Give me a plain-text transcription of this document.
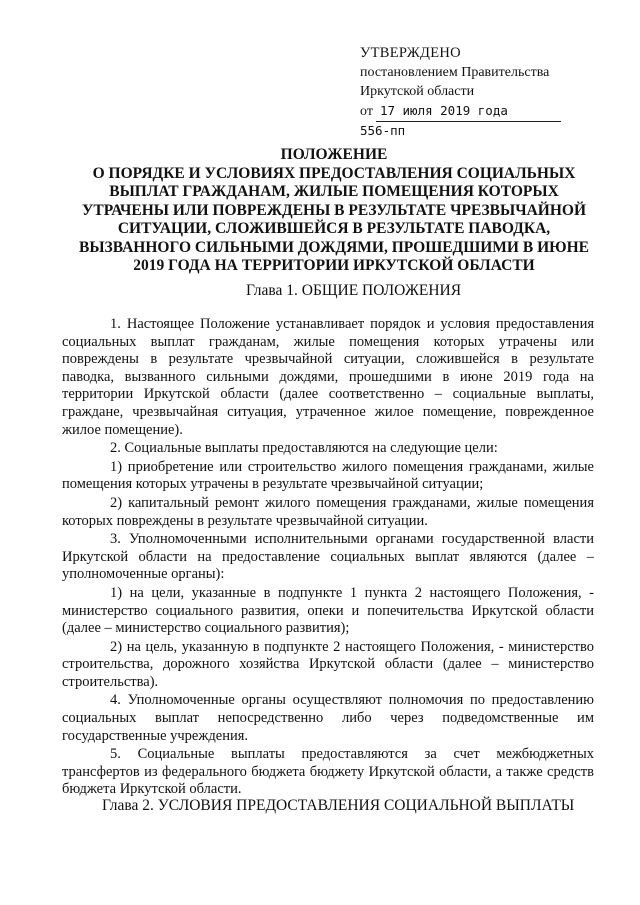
УТВЕРЖДЕНО
постановлением Правительства
Иркутской области
от 17 июля 2019 года
556-пп
ПОЛОЖЕНИЕ
О ПОРЯДКЕ И УСЛОВИЯХ ПРЕДОСТАВЛЕНИЯ СОЦИАЛЬНЫХ
ВЫПЛАТ ГРАЖДАНАМ, ЖИЛЫЕ ПОМЕЩЕНИЯ КОТОРЫХ
УТРАЧЕНЫ ИЛИ ПОВРЕЖДЕНЫ В РЕЗУЛЬТАТЕ ЧРЕЗВЫЧАЙНОЙ
СИТУАЦИИ, СЛОЖИВШЕЙСЯ В РЕЗУЛЬТАТЕ ПАВОДКА,
ВЫЗВАННОГО СИЛЬНЫМИ ДОЖДЯМИ, ПРОШЕДШИМИ В ИЮНЕ
2019 ГОДА НА ТЕРРИТОРИИ ИРКУТСКОЙ ОБЛАСТИ
Глава 1. ОБЩИЕ ПОЛОЖЕНИЯ

1. Настоящее Положение устанавливает порядок и условия предоставления социальных выплат гражданам, жилые помещения которых утрачены или повреждены в результате чрезвычайной ситуации, сложившейся в результате паводка, вызванного сильными дождями, прошедшими в июне 2019 года на территории Иркутской области (далее соответственно – социальные выплаты, граждане, чрезвычайная ситуация, утраченное жилое помещение, поврежденное жилое помещение).

2. Социальные выплаты предоставляются на следующие цели:

1) приобретение или строительство жилого помещения гражданами, жилые помещения которых утрачены в результате чрезвычайной ситуации;

2) капитальный ремонт жилого помещения гражданами, жилые помещения которых повреждены в результате чрезвычайной ситуации.

3. Уполномоченными исполнительными органами государственной власти Иркутской области на предоставление социальных выплат являются (далее – уполномоченные органы):

1) на цели, указанные в подпункте 1 пункта 2 настоящего Положения, - министерство социального развития, опеки и попечительства Иркутской области (далее – министерство социального развития);

2) на цель, указанную в подпункте 2 настоящего Положения, - министерство строительства, дорожного хозяйства Иркутской области (далее – министерство строительства).

4. Уполномоченные органы осуществляют полномочия по предоставлению социальных выплат непосредственно либо через подведомственные им государственные учреждения.

5. Социальные выплаты предоставляются за счет межбюджетных трансфертов из федерального бюджета бюджету Иркутской области, а также средств бюджета Иркутской области.

Глава 2. УСЛОВИЯ ПРЕДОСТАВЛЕНИЯ СОЦИАЛЬНОЙ ВЫПЛАТЫ
